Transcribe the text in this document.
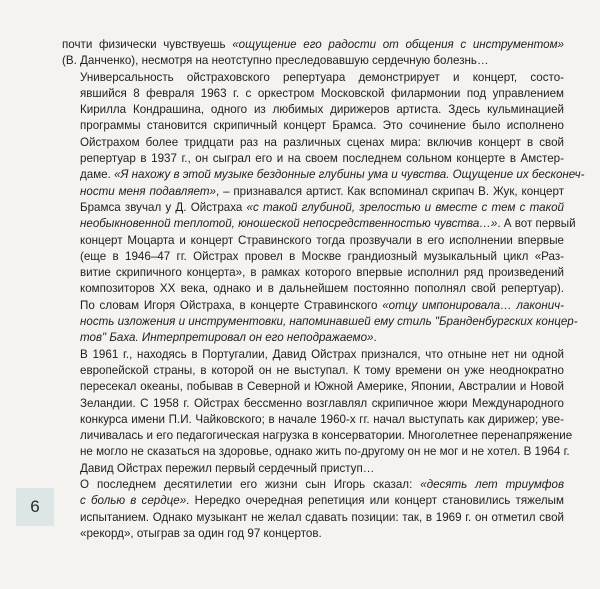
почти физически чувствуешь «ощущение его радости от общения с инструментом»
(В. Данченко), несмотря на неотступно преследовавшую сердечную болезнь…

Универсальность ойстраховского репертуара демонстрирует и концерт, состо-
явшийся 8 февраля 1963 г. с оркестром Московской филармонии под управлением
Кирилла Кондрашина, одного из любимых дирижеров артиста. Здесь кульминацией
программы становится скрипичный концерт Брамса. Это сочинение было исполнено
Ойстрахом более тридцати раз на различных сценах мира: включив концерт в свой
репертуар в 1937 г., он сыграл его и на своем последнем сольном концерте в Амстер-
даме. «Я нахожу в этой музыке бездонные глубины ума и чувства. Ощущение их бесконеч-
ности меня подавляет», – признавался артист. Как вспоминал скрипач В. Жук, концерт
Брамса звучал у Д. Ойстраха «с такой глубиной, зрелостью и вместе с тем с такой
необыкновенной теплотой, юношеской непосредственностью чувства…». А вот первый
концерт Моцарта и концерт Стравинского тогда прозвучали в его исполнении впервые
(еще в 1946–47 гг. Ойстрах провел в Москве грандиозный музыкальный цикл «Раз-
витие скрипичного концерта», в рамках которого впервые исполнил ряд произведений
композиторов XX века, однако и в дальнейшем постоянно пополнял свой репертуар).
По словам Игоря Ойстраха, в концерте Стравинского «отцу импонировала… лаконич-
ность изложения и инструментовки, напоминавшей ему стиль "Бранденбургских концер-
тов" Баха. Интерпретировал он его неподражаемо».

В 1961 г., находясь в Португалии, Давид Ойстрах признался, что отныне нет ни одной
европейской страны, в которой он не выступал. К тому времени он уже неоднократно
пересекал океаны, побывав в Северной и Южной Америке, Японии, Австралии и Новой
Зеландии. С 1958 г. Ойстрах бессменно возглавлял скрипичное жюри Международного
конкурса имени П.И. Чайковского; в начале 1960-х гг. начал выступать как дирижер; уве-
личивалась и его педагогическая нагрузка в консерватории. Многолетнее перенапряжение
не могло не сказаться на здоровье, однако жить по-другому он не мог и не хотел. В 1964 г.
Давид Ойстрах пережил первый сердечный приступ…

О последнем десятилетии его жизни сын Игорь сказал: «десять лет триумфов
с болью в сердце». Нередко очередная репетиция или концерт становились тяжелым
испытанием. Однако музыкант не желал сдавать позиции: так, в 1969 г. он отметил свой
«рекорд», отыграв за один год 97 концертов.

6
